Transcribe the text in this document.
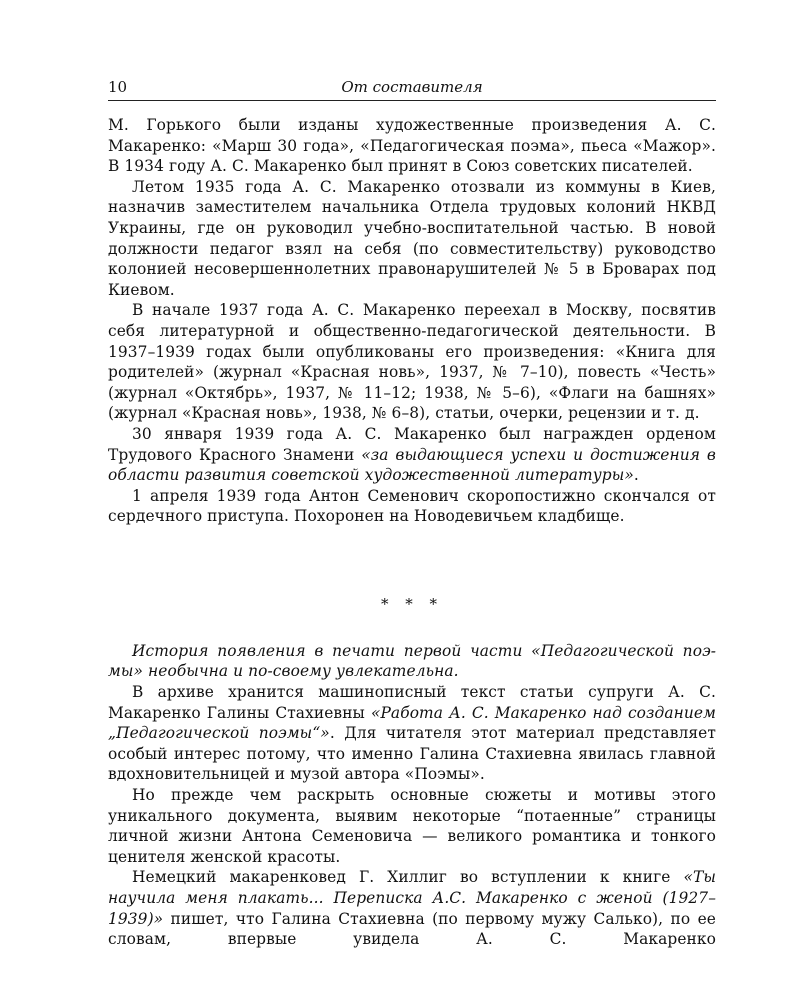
10	От составителя

М. Горького были изданы художественные произведения А. С. Макаренко: «Марш 30 года», «Педагогическая поэма», пьеса «Мажор». В 1934 году А. С. Макаренко был принят в Союз советских писателей.

Летом 1935 года А. С. Макаренко отозвали из коммуны в Киев, назначив заместителем начальника Отдела трудовых колоний НКВД Украины, где он руководил учебно-воспитательной частью. В новой должности педагог взял на себя (по совместительству) руководство колонией несовершеннолетних правонарушителей № 5 в Броварах под Киевом.

В начале 1937 года А. С. Макаренко переехал в Москву, посвятив себя литературной и общественно-педагогической деятельности. В 1937–1939 годах были опубликованы его произведения: «Книга для родителей» (журнал «Красная новь», 1937, № 7–10), повесть «Честь» (журнал «Октябрь», 1937, № 11–12; 1938, № 5–6), «Флаги на башнях» (журнал «Красная новь», 1938, № 6–8), статьи, очерки, рецензии и т. д.

30 января 1939 года А. С. Макаренко был награжден орденом Трудового Красного Знамени «за выдающиеся успехи и достижения в области развития советской художественной литературы».

1 апреля 1939 года Антон Семенович скоропостижно скончался от сердечного приступа. Похоронен на Новодевичьем кладбище.

* * *

История появления в печати первой части «Педагогической поэмы» необычна и по-своему увлекательна.

В архиве хранится машинописный текст статьи супруги А. С. Макаренко Галины Стахиевны «Работа А. С. Макаренко над созданием „Педагогической поэмы“». Для читателя этот материал представляет особый интерес потому, что именно Галина Стахиевна явилась главной вдохновительницей и музой автора «Поэмы».

Но прежде чем раскрыть основные сюжеты и мотивы этого уникального документа, выявим некоторые “потаенные” страницы личной жизни Антона Семеновича — великого романтика и тонкого ценителя женской красоты.

Немецкий макаренковед Г. Хиллиг во вступлении к книге «Ты научила меня плакать... Переписка А.С. Макаренко с женой (1927–1939)» пишет, что Галина Стахиевна (по первому мужу Салько), по ее словам, впервые увидела А. С. Макаренко
